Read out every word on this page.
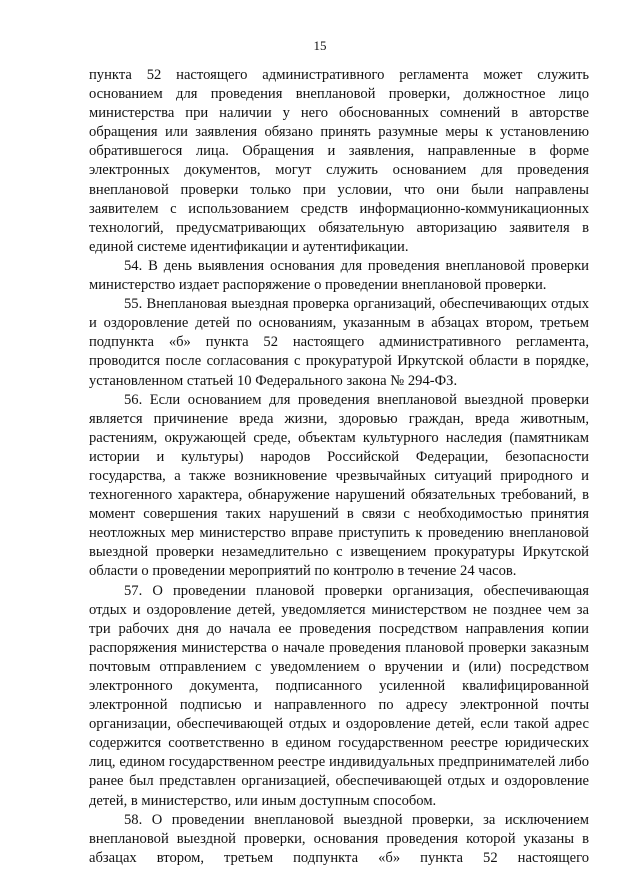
15

пункта 52 настоящего административного регламента может служить основанием для проведения внеплановой проверки, должностное лицо министерства при наличии у него обоснованных сомнений в авторстве обращения или заявления обязано принять разумные меры к установлению обратившегося лица. Обращения и заявления, направленные в форме электронных документов, могут служить основанием для проведения внеплановой проверки только при условии, что они были направлены заявителем с использованием средств информационно-коммуникационных технологий, предусматривающих обязательную авторизацию заявителя в единой системе идентификации и аутентификации.

54. В день выявления основания для проведения внеплановой проверки министерство издает распоряжение о проведении внеплановой проверки.

55. Внеплановая выездная проверка организаций, обеспечивающих отдых и оздоровление детей по основаниям, указанным в абзацах втором, третьем подпункта «б» пункта 52 настоящего административного регламента, проводится после согласования с прокуратурой Иркутской области в порядке, установленном статьей 10 Федерального закона № 294-ФЗ.

56. Если основанием для проведения внеплановой выездной проверки является причинение вреда жизни, здоровью граждан, вреда животным, растениям, окружающей среде, объектам культурного наследия (памятникам истории и культуры) народов Российской Федерации, безопасности государства, а также возникновение чрезвычайных ситуаций природного и техногенного характера, обнаружение нарушений обязательных требований, в момент совершения таких нарушений в связи с необходимостью принятия неотложных мер министерство вправе приступить к проведению внеплановой выездной проверки незамедлительно с извещением прокуратуры Иркутской области о проведении мероприятий по контролю в течение 24 часов.

57. О проведении плановой проверки организация, обеспечивающая отдых и оздоровление детей, уведомляется министерством не позднее чем за три рабочих дня до начала ее проведения посредством направления копии распоряжения министерства о начале проведения плановой проверки заказным почтовым отправлением с уведомлением о вручении и (или) посредством электронного документа, подписанного усиленной квалифицированной электронной подписью и направленного по адресу электронной почты организации, обеспечивающей отдых и оздоровление детей, если такой адрес содержится соответственно в едином государственном реестре юридических лиц, едином государственном реестре индивидуальных предпринимателей либо ранее был представлен организацией, обеспечивающей отдых и оздоровление детей, в министерство, или иным доступным способом.

58. О проведении внеплановой выездной проверки, за исключением внеплановой выездной проверки, основания проведения которой указаны в абзацах втором, третьем подпункта «б» пункта 52 настоящего
